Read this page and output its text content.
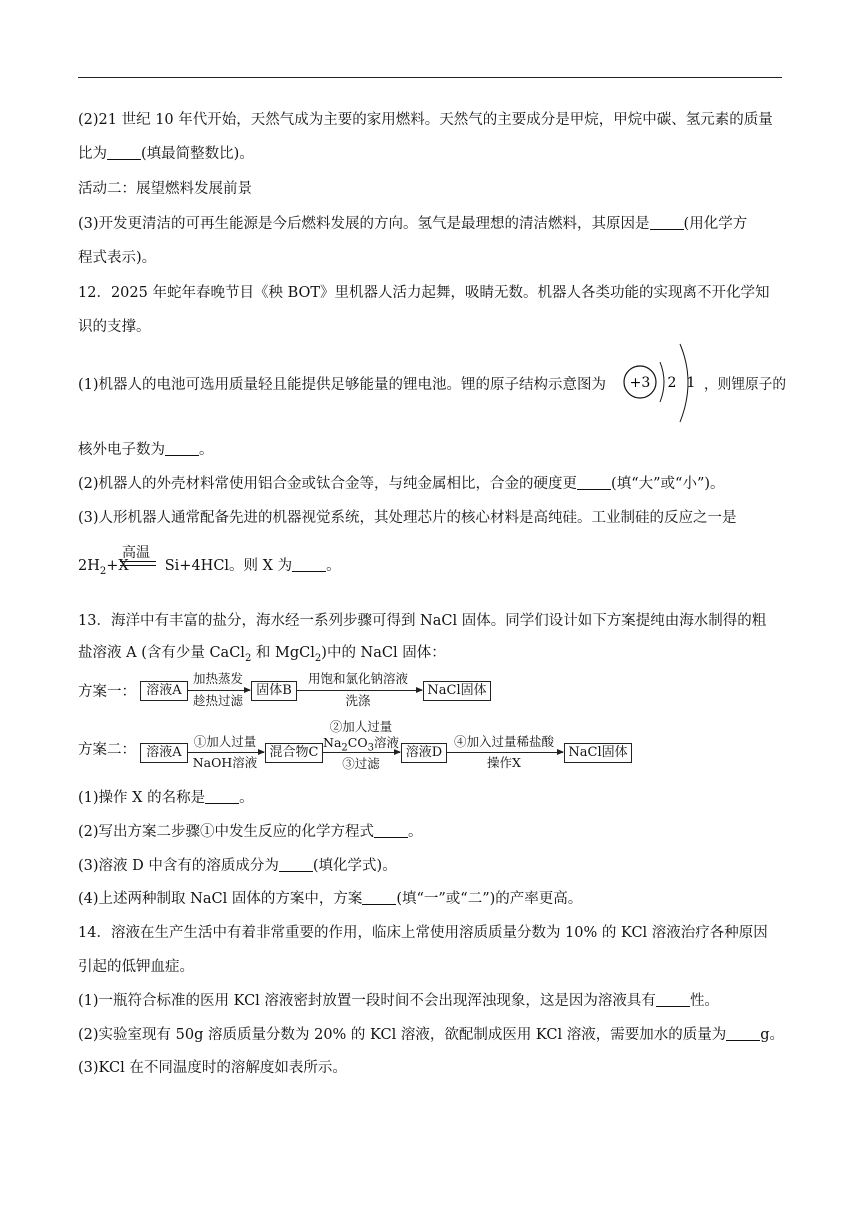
(2)21 世纪 10 年代开始，天然气成为主要的家用燃料。天然气的主要成分是甲烷，甲烷中碳、氢元素的质量
比为 (填最简整数比)。
活动二：展望燃料发展前景
(3)开发更清洁的可再生能源是今后燃料发展的方向。氢气是最理想的清洁燃料，其原因是 (用化学方
程式表示)。
12．2025 年蛇年春晚节目《秧 BOT》里机器人活力起舞，吸睛无数。机器人各类功能的实现离不开化学知
识的支撑。
(1)机器人的电池可选用质量轻且能提供足够能量的锂电池。锂的原子结构示意图为	，则锂原子的
+3 2 1
核外电子数为 。
(2)机器人的外壳材料常使用铝合金或钛合金等，与纯金属相比，合金的硬度更 (填“大”或“小”)。
(3)人形机器人通常配备先进的机器视觉系统，其处理芯片的核心材料是高纯硅。工业制硅的反应之一是
高温
$2H_2+X$ Si+4HCl。则 X 为 。
13．海洋中有丰富的盐分，海水经一系列步骤可得到 NaCl 固体。同学们设计如下方案提纯由海水制得的粗
盐溶液 A (含有少量 CaCl$_2$ 和 MgCl$_2$)中的 NaCl 固体：
方案一： 溶液A
加热蒸发
趁热过滤
固体B
用饱和氯化钠溶液
洗涤
NaCl固体
方案二： 溶液A
①加人过量
NaOH溶液
混合物C
②加人过量
$Na_2CO_3$溶液
③过滤
溶液D
④加入过量稀盐酸
操作X
NaCl固体
(1)操作 X 的名称是 。
(2)写出方案二步骤①中发生反应的化学方程式 。
(3)溶液 D 中含有的溶质成分为 (填化学式)。
(4)上述两种制取 NaCl 固体的方案中，方案 (填“一”或“二”)的产率更高。
14．溶液在生产生活中有着非常重要的作用，临床上常使用溶质质量分数为 10% 的 KCl 溶液治疗各种原因
引起的低钾血症。
(1)一瓶符合标准的医用 KCl 溶液密封放置一段时间不会出现浑浊现象，这是因为溶液具有 性。
(2)实验室现有 50g 溶质质量分数为 20% 的 KCl 溶液，欲配制成医用 KCl 溶液，需要加水的质量为 g。
(3)KCl 在不同温度时的溶解度如表所示。
